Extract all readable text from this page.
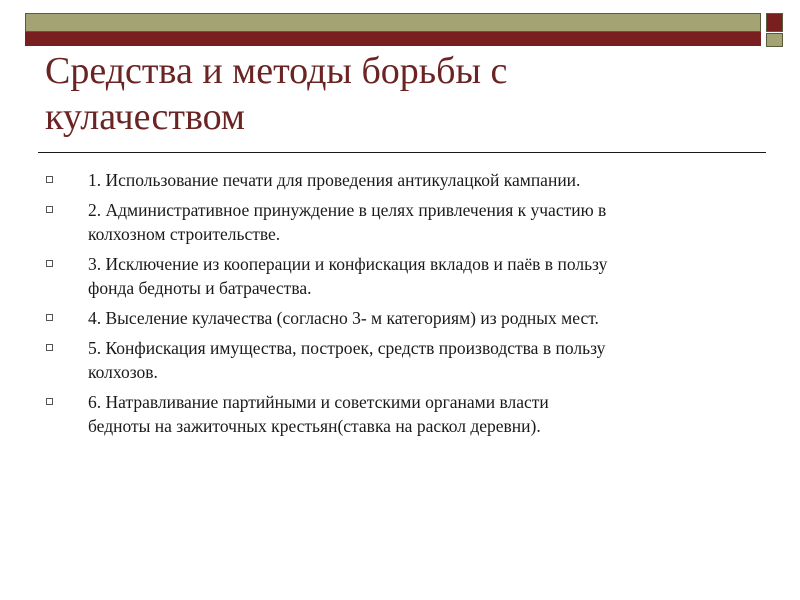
Средства и методы борьбы с
кулачеством
1. Использование печати для проведения антикулацкой кампании.
2. Административное принуждение в целях привлечения к участию в
колхозном строительстве.
3. Исключение из кооперации и конфискация вкладов и паёв в пользу
фонда бедноты и батрачества.
4. Выселение кулачества (согласно 3- м категориям) из родных мест.
5. Конфискация имущества, построек, средств производства в пользу
колхозов.
6. Натравливание партийными и советскими органами власти
бедноты на зажиточных крестьян(ставка на раскол деревни).
